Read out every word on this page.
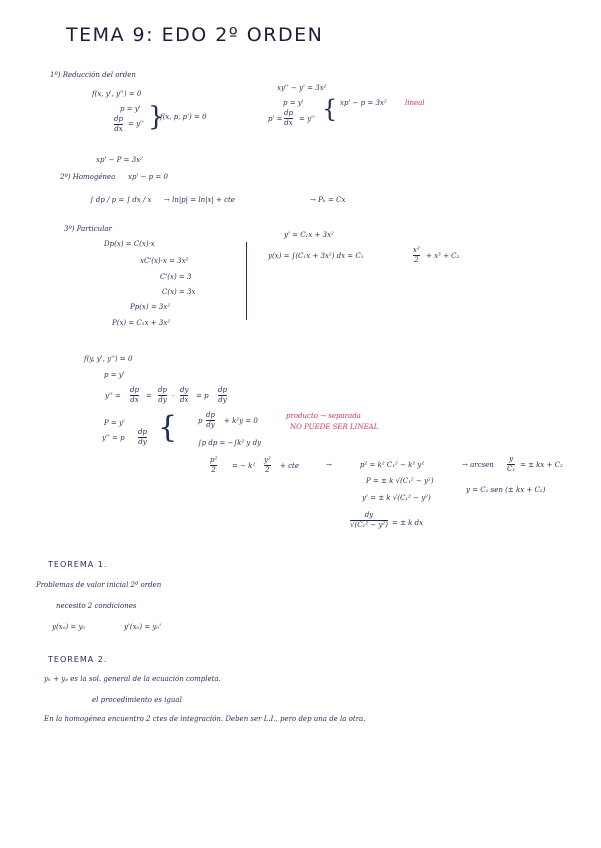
TEMA 9: EDO 2º ORDEN
1º) Reducción del orden
f(x, y', y'') = 0
p = y'
dp
dx
= y'' }
f(x, p, p') = 0
xy'' − y' = 3x²
p = y'
p' =
dp
dx
= y'' { xp' − p = 3x²	lineal
xp' − P = 3x²
2º) Homogénea xp' − p = 0
∫ dp / p = ∫ dx / x → ln|p| = ln|x| + cte	→ Pₕ = Cx
3º) Particular
Dp(x) = C(x)·x
xC'(x)·x = 3x²
C'(x) = 3
C(x) = 3x
Pp(x) = 3x²
P(x) = C₁x + 3x²
y' = C₁x + 3x²
y(x) = ∫(C₁x + 3x²) dx = C₁
x²
2
+ x³ + C₂
f(y, y', y'') = 0
p = y'
y'' =
dp
dx
=
dp
dy
·
dy
dx
= p
dp
dy
P = y'
y'' = p
dp
dy {	p
dp
dy
+ k²y = 0
producto → separada
NO PUEDE SER LINEAL
∫p dp = −∫k² y dy
p²
2
= − k²
y²
2
+ cte	→	p² = k² C₁² − k² y²	→ arcsen
y
C₁
= ± kx + C₂
P = ± k √(C₁² − y²)
y' = ± k √(C₁² − y²)
y = C₁ sen (± kx + C₂)
dy
√(C₁² − y²) = ± k dx
TEOREMA 1.
Problemas de valor inicial 2º orden
necesito 2 condiciones
y(x₀) = y₀	y'(x₀) = y₀'
TEOREMA 2.
yₕ + yₚ es la sol. general de la ecuación completa.
el procedimiento es igual
En la homogénea encuentro 2 ctes de integración. Deben ser L.I., pero dep una de la otra.
